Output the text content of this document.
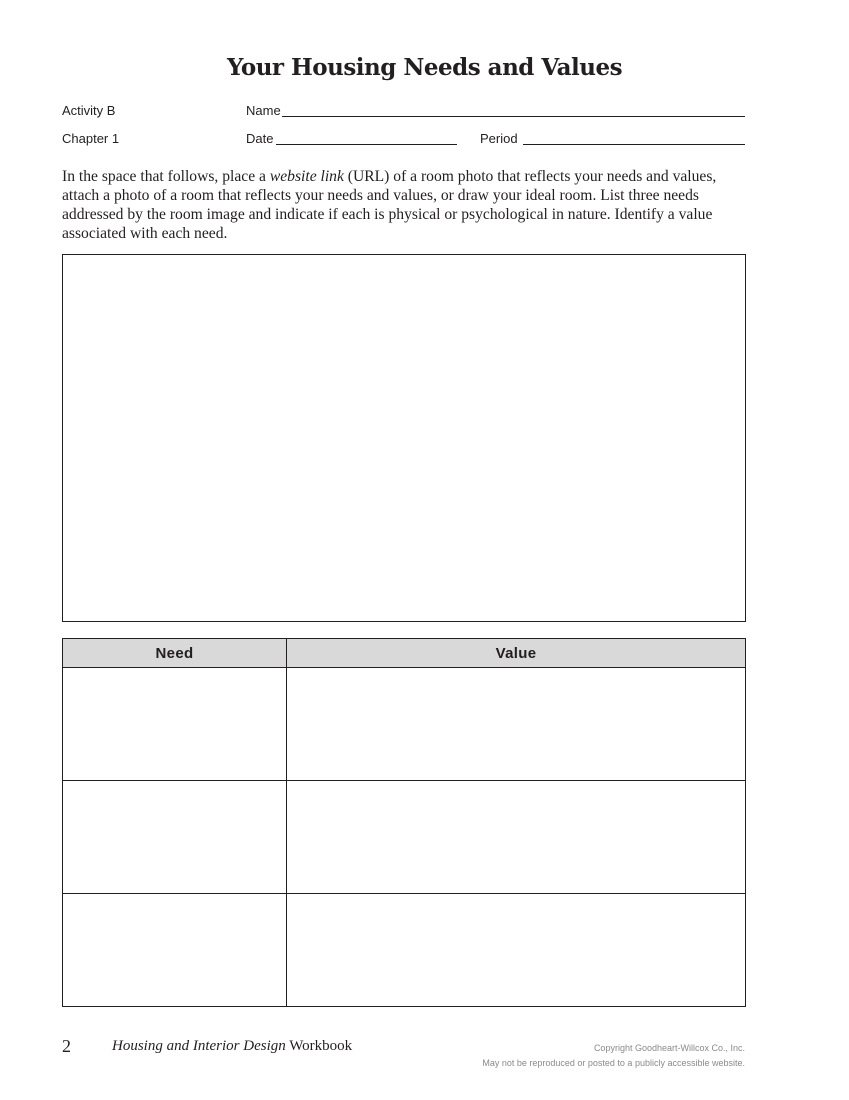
Your Housing Needs and Values
Activity B
Chapter 1
Name
Date	Period
In the space that follows, place a website link (URL) of a room photo that reflects your needs and values, attach a photo of a room that reflects your needs and values, or draw your ideal room. List three needs addressed by the room image and indicate if each is physical or psychological in nature. Identify a value associated with each need.
Need	Value

2	Housing and Interior Design Workbook	Copyright Goodheart-Willcox Co., Inc.
May not be reproduced or posted to a publicly accessible website.
